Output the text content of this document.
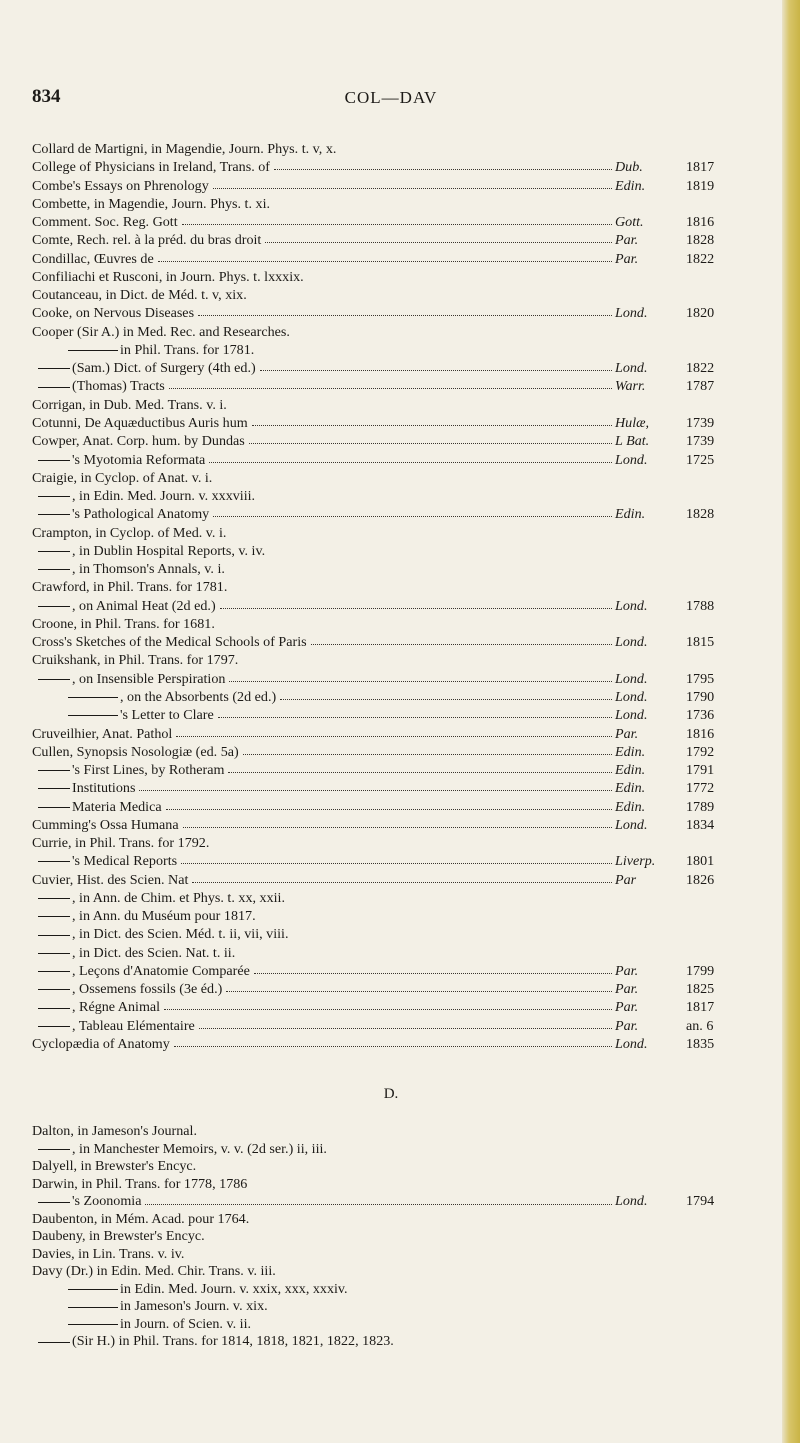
834	COL—DAV
Collard de Martigni, in Magendie, Journ. Phys. t. v, x.
College of Physicians in Ireland, Trans. of	Dub.	1817
Combe's Essays on Phrenology	Edin.	1819
Combette, in Magendie, Journ. Phys. t. xi.
Comment. Soc. Reg. Gott	Gott.	1816
Comte, Rech. rel. à la préd. du bras droit	Par.	1828
Condillac, Œuvres de	Par.	1822
Confiliachi et Rusconi, in Journ. Phys. t. lxxxix.
Coutanceau, in Dict. de Méd. t. v, xix.
Cooke, on Nervous Diseases	Lond.	1820
Cooper (Sir A.) in Med. Rec. and Researches.
in Phil. Trans. for 1781.
(Sam.) Dict. of Surgery (4th ed.)	Lond.	1822
(Thomas) Tracts	Warr.	1787
Corrigan, in Dub. Med. Trans. v. i.
Cotunni, De Aquæductibus Auris hum	Hulæ,	1739
Cowper, Anat. Corp. hum. by Dundas	L Bat.	1739
's Myotomia Reformata	Lond.	1725
Craigie, in Cyclop. of Anat. v. i.
, in Edin. Med. Journ. v. xxxviii.
's Pathological Anatomy	Edin.	1828
Crampton, in Cyclop. of Med. v. i.
, in Dublin Hospital Reports, v. iv.
, in Thomson's Annals, v. i.
Crawford, in Phil. Trans. for 1781.
, on Animal Heat (2d ed.)	Lond.	1788
Croone, in Phil. Trans. for 1681.
Cross's Sketches of the Medical Schools of Paris	Lond.	1815
Cruikshank, in Phil. Trans. for 1797.
, on Insensible Perspiration	Lond.	1795
, on the Absorbents (2d ed.)	Lond.	1790
's Letter to Clare	Lond.	1736
Cruveilhier, Anat. Pathol	Par.	1816
Cullen, Synopsis Nosologiæ (ed. 5a)	Edin.	1792
's First Lines, by Rotheram	Edin.	1791
Institutions	Edin.	1772
Materia Medica	Edin.	1789
Cumming's Ossa Humana	Lond.	1834
Currie, in Phil. Trans. for 1792.
's Medical Reports	Liverp. 1801
Cuvier, Hist. des Scien. Nat	Par	1826
, in Ann. de Chim. et Phys. t. xx, xxii.
, in Ann. du Muséum pour 1817.
, in Dict. des Scien. Méd. t. ii, vii, viii.
, in Dict. des Scien. Nat. t. ii.
, Leçons d'Anatomie Comparée	Par.	1799
, Ossemens fossils (3e éd.)	Par.	1825
, Régne Animal	Par.	1817
, Tableau Elémentaire	Par.	an. 6
Cyclopædia of Anatomy	Lond.	1835
D.
Dalton, in Jameson's Journal.
, in Manchester Memoirs, v. v. (2d ser.) ii, iii.
Dalyell, in Brewster's Encyc.
Darwin, in Phil. Trans. for 1778, 1786
's Zoonomia	Lond.	1794
Daubenton, in Mém. Acad. pour 1764.
Daubeny, in Brewster's Encyc.
Davies, in Lin. Trans. v. iv.
Davy (Dr.) in Edin. Med. Chir. Trans. v. iii.
in Edin. Med. Journ. v. xxix, xxx, xxxiv.
in Jameson's Journ. v. xix.
in Journ. of Scien. v. ii.
(Sir H.) in Phil. Trans. for 1814, 1818, 1821, 1822, 1823.
